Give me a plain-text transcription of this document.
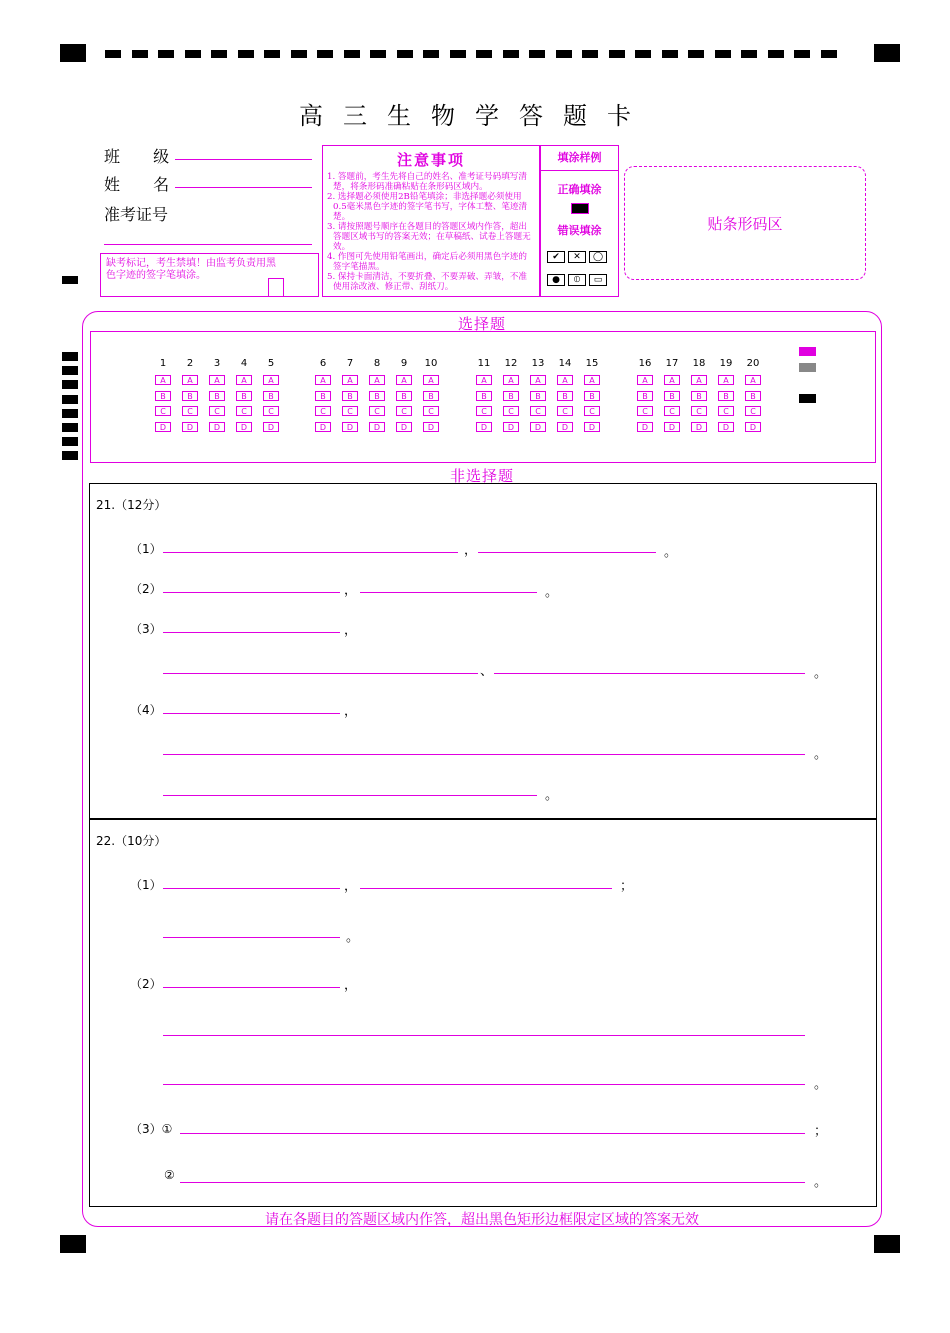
高三生物学答题卡
班 级
姓 名
准考证号
缺考标记，考生禁填！由监考负责用黑色字迹的签字笔填涂。
注意事项
1. 答题前，考生先将自己的姓名、准考证号码填写清楚，将条形码准确粘贴在条形码区域内。
2. 选择题必须使用2B铅笔填涂；非选择题必须使用0.5毫米黑色字迹的签字笔书写，字体工整、笔迹清楚。
3. 请按照题号顺序在各题目的答题区域内作答，超出答题区域书写的答案无效；在草稿纸、试卷上答题无效。
4. 作图可先使用铅笔画出，确定后必须用黑色字迹的签字笔描黑。
5. 保持卡面清洁，不要折叠、不要弄破、弄皱，不准使用涂改液、修正带、刮纸刀。
填涂样例
正确填涂
错误填涂
✔ ✕ ◯● ⦶ ▭
贴条形码区
选择题
1
A
B
C
D
2
A
B
C
D
3
A
B
C
D
4
A
B
C
D
5
A
B
C
D
6
A
B
C
D
7
A
B
C
D
8
A
B
C
D
9
A
B
C
D
10
A
B
C
D
11
A
B
C
D
12
A
B
C
D
13
A
B
C
D
14
A
B
C
D
15
A
B
C
D
16
A
B
C
D
17
A
B
C
D
18
A
B
C
D
19
A
B
C
D
20
A
B
C
D
非选择题
21.（12分）
（1）	，	。
（2）	，	。
（3）	，
、	。
（4）	，
。
。
22.（10分）
（1）	，	；
。
（2）	，
。
（3）①	；
②	。
请在各题目的答题区域内作答，超出黑色矩形边框限定区域的答案无效
